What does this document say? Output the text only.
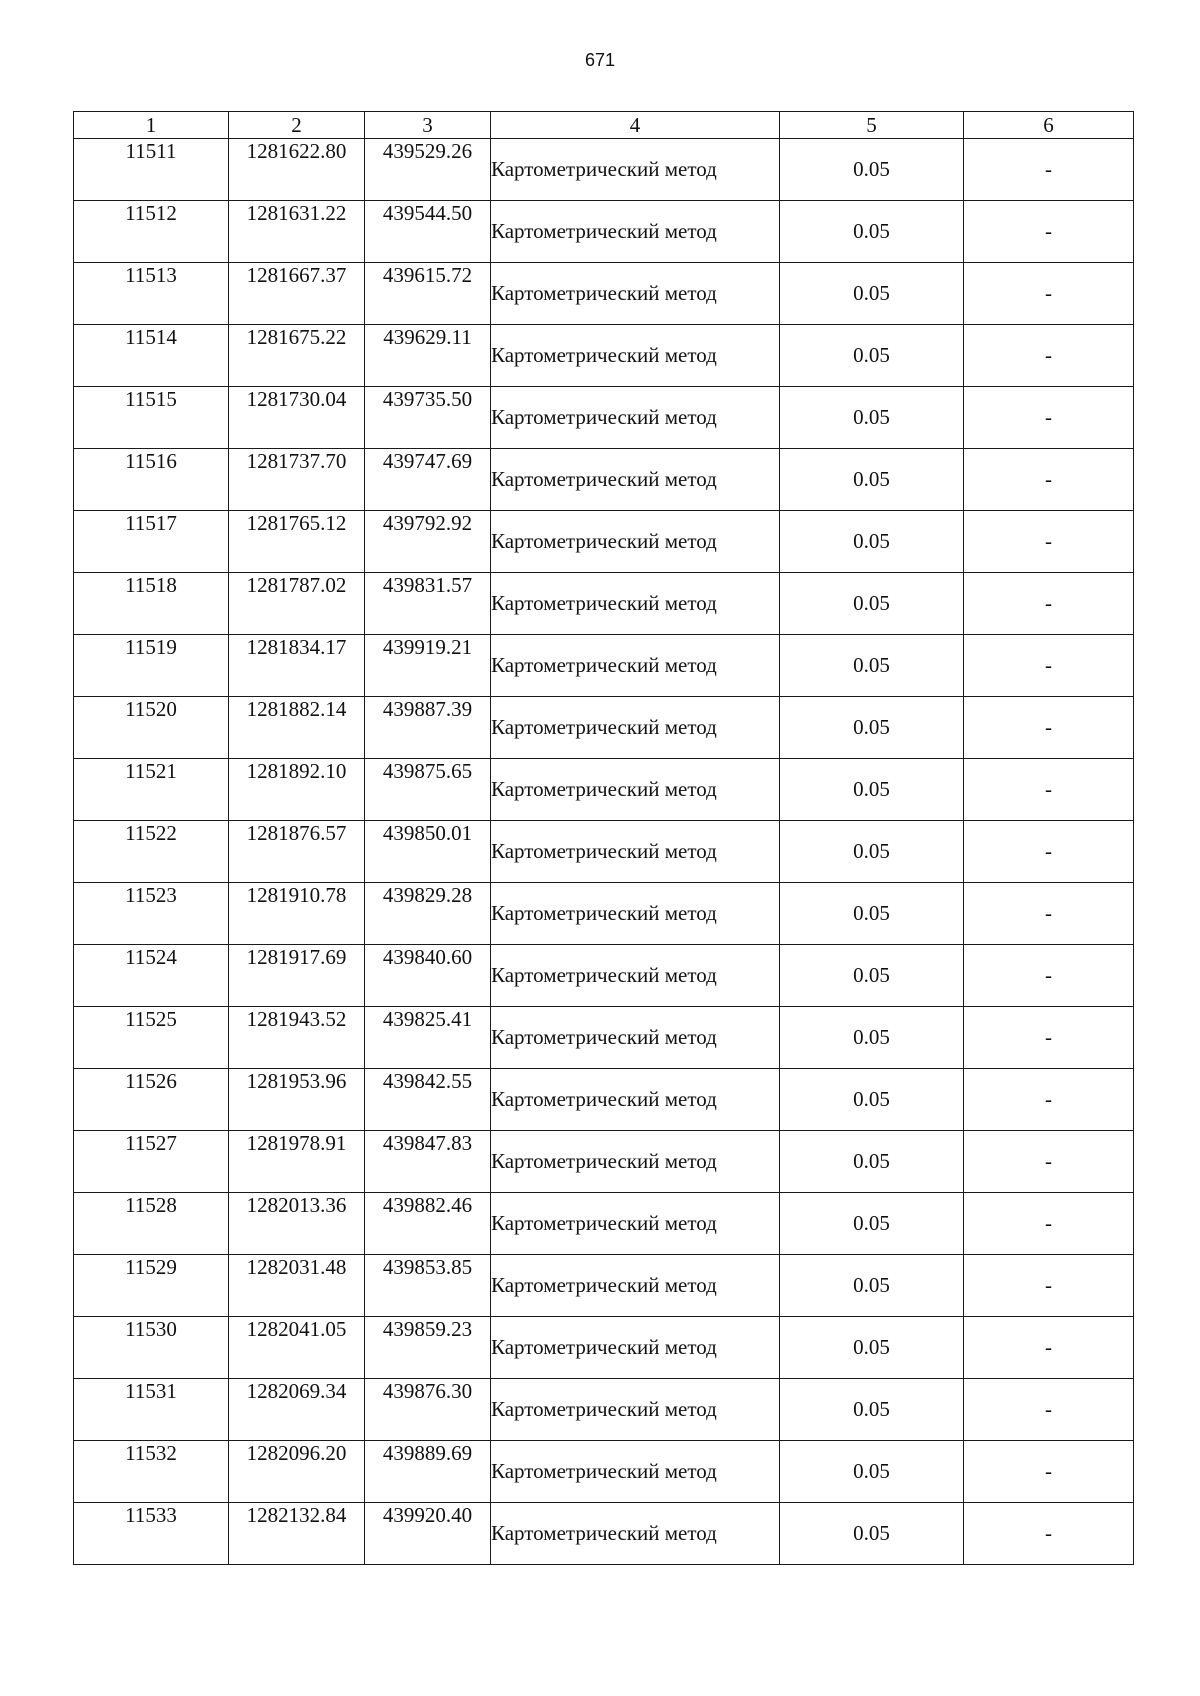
671
1	2	3	4	5	6
11511	1281622.80	439529.26	Картометрический метод	0.05	-
11512	1281631.22	439544.50	Картометрический метод	0.05	-
11513	1281667.37	439615.72	Картометрический метод	0.05	-
11514	1281675.22	439629.11	Картометрический метод	0.05	-
11515	1281730.04	439735.50	Картометрический метод	0.05	-
11516	1281737.70	439747.69	Картометрический метод	0.05	-
11517	1281765.12	439792.92	Картометрический метод	0.05	-
11518	1281787.02	439831.57	Картометрический метод	0.05	-
11519	1281834.17	439919.21	Картометрический метод	0.05	-
11520	1281882.14	439887.39	Картометрический метод	0.05	-
11521	1281892.10	439875.65	Картометрический метод	0.05	-
11522	1281876.57	439850.01	Картометрический метод	0.05	-
11523	1281910.78	439829.28	Картометрический метод	0.05	-
11524	1281917.69	439840.60	Картометрический метод	0.05	-
11525	1281943.52	439825.41	Картометрический метод	0.05	-
11526	1281953.96	439842.55	Картометрический метод	0.05	-
11527	1281978.91	439847.83	Картометрический метод	0.05	-
11528	1282013.36	439882.46	Картометрический метод	0.05	-
11529	1282031.48	439853.85	Картометрический метод	0.05	-
11530	1282041.05	439859.23	Картометрический метод	0.05	-
11531	1282069.34	439876.30	Картометрический метод	0.05	-
11532	1282096.20	439889.69	Картометрический метод	0.05	-
11533	1282132.84	439920.40	Картометрический метод	0.05	-
